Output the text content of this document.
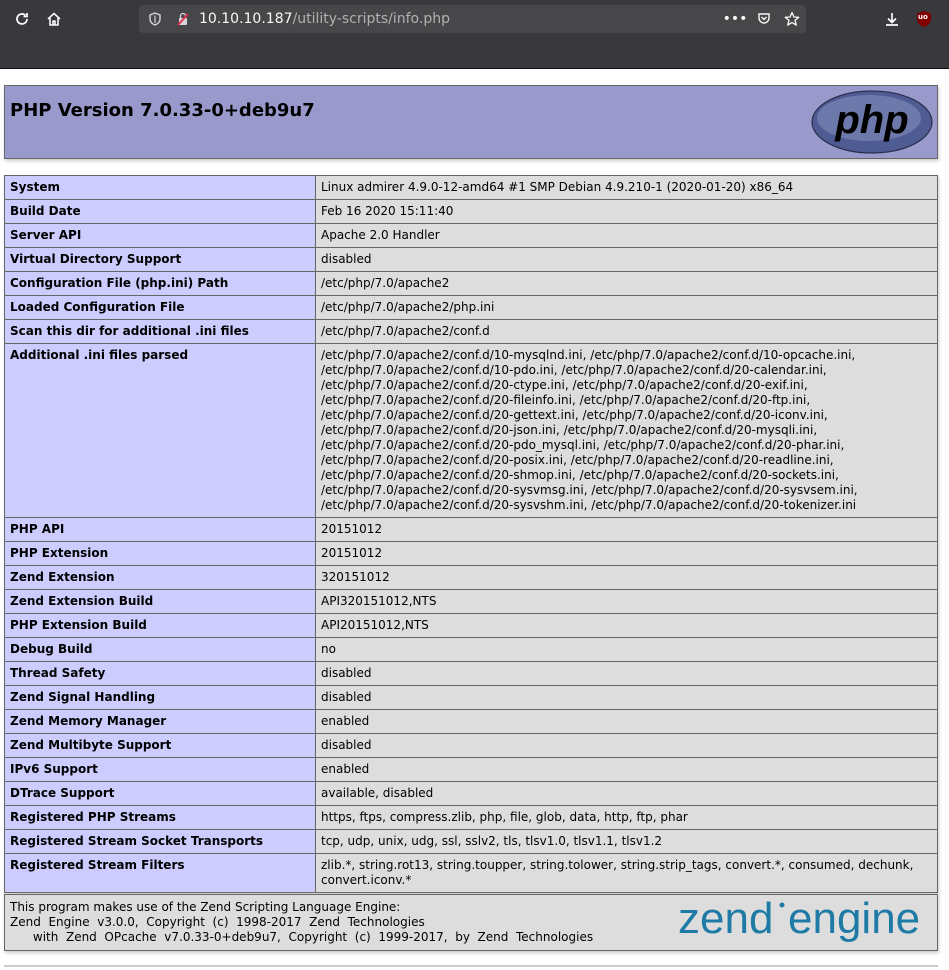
10.10.10.187/utility-scripts/info.php	•••	uo
PHP Version 7.0.33-0+deb9u7	php
System	Linux admirer 4.9.0-12-amd64 #1 SMP Debian 4.9.210-1 (2020-01-20) x86_64
Build Date	Feb 16 2020 15:11:40
Server API	Apache 2.0 Handler
Virtual Directory Support	disabled
Configuration File (php.ini) Path	/etc/php/7.0/apache2
Loaded Configuration File	/etc/php/7.0/apache2/php.ini
Scan this dir for additional .ini files	/etc/php/7.0/apache2/conf.d
Additional .ini files parsed	/etc/php/7.0/apache2/conf.d/10-mysqlnd.ini, /etc/php/7.0/apache2/conf.d/10-opcache.ini, /etc/php/7.0/apache2/conf.d/10-pdo.ini, /etc/php/7.0/apache2/conf.d/20-calendar.ini, /etc/php/7.0/apache2/conf.d/20-ctype.ini, /etc/php/7.0/apache2/conf.d/20-exif.ini, /etc/php/7.0/apache2/conf.d/20-fileinfo.ini, /etc/php/7.0/apache2/conf.d/20-ftp.ini, /etc/php/7.0/apache2/conf.d/20-gettext.ini, /etc/php/7.0/apache2/conf.d/20-iconv.ini, /etc/php/7.0/apache2/conf.d/20-json.ini, /etc/php/7.0/apache2/conf.d/20-mysqli.ini, /etc/php/7.0/apache2/conf.d/20-pdo_mysql.ini, /etc/php/7.0/apache2/conf.d/20-phar.ini, /etc/php/7.0/apache2/conf.d/20-posix.ini, /etc/php/7.0/apache2/conf.d/20-readline.ini, /etc/php/7.0/apache2/conf.d/20-shmop.ini, /etc/php/7.0/apache2/conf.d/20-sockets.ini, /etc/php/7.0/apache2/conf.d/20-sysvmsg.ini, /etc/php/7.0/apache2/conf.d/20-sysvsem.ini, /etc/php/7.0/apache2/conf.d/20-sysvshm.ini, /etc/php/7.0/apache2/conf.d/20-tokenizer.ini
PHP API	20151012
PHP Extension	20151012
Zend Extension	320151012
Zend Extension Build	API320151012,NTS
PHP Extension Build	API20151012,NTS
Debug Build	no
Thread Safety	disabled
Zend Signal Handling	disabled
Zend Memory Manager	enabled
Zend Multibyte Support	disabled
IPv6 Support	enabled
DTrace Support	available, disabled
Registered PHP Streams	https, ftps, compress.zlib, php, file, glob, data, http, ftp, phar
Registered Stream Socket Transports	tcp, udp, unix, udg, ssl, sslv2, tls, tlsv1.0, tlsv1.1, tlsv1.2
Registered Stream Filters	zlib.*, string.rot13, string.toupper, string.tolower, string.strip_tags, convert.*, consumed, dechunk, convert.iconv.*
This program makes use of the Zend Scripting Language Engine:
Zend  Engine  v3.0.0,  Copyright  (c)  1998-2017  Zend  Technologies
with  Zend  OPcache  v7.0.33-0+deb9u7,  Copyright  (c)  1999-2017,  by  Zend  Technologies zend engine
